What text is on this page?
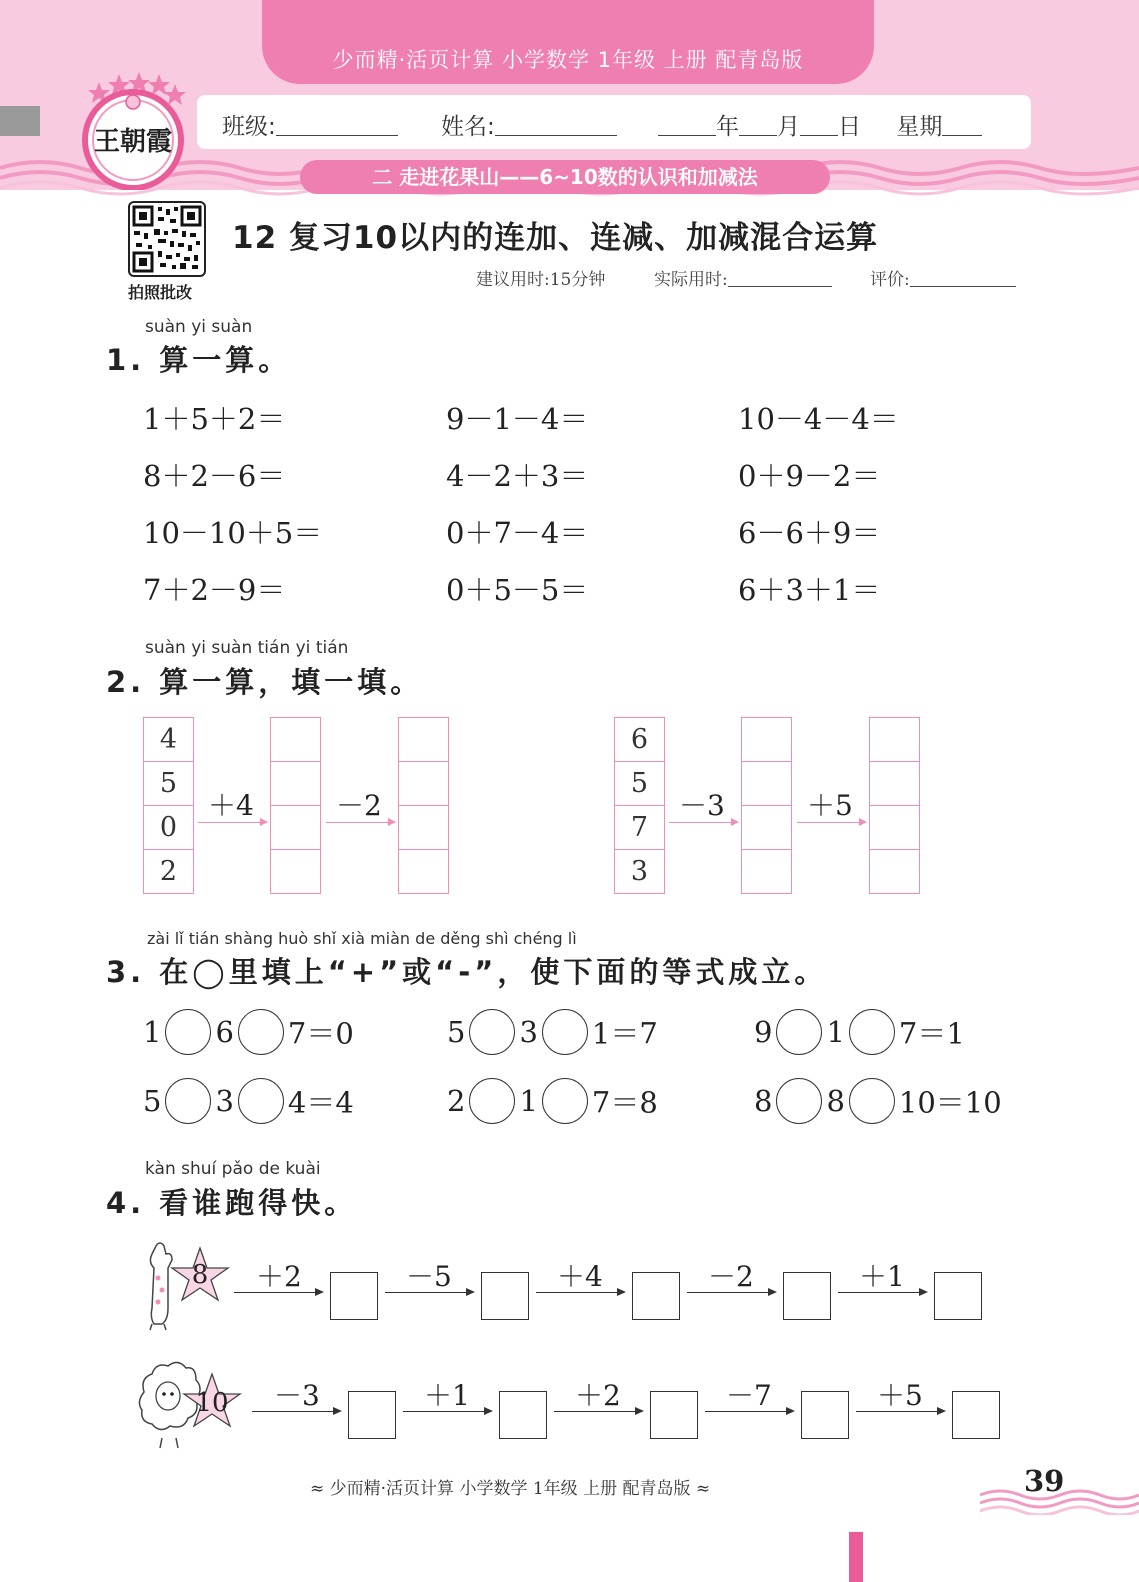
少而精·活页计算 小学数学 1年级 上册 配青岛版
班级:	姓名:	年 月 日 星期
二 走进花果山——6~10数的认识和加减法
王朝霞
拍照批改
12 复习10以内的连加、连减、加减混合运算
建议用时:15分钟	实际用时:	评价:
suàn yi suàn
1. 算一算。
1＋5＋2＝	9－1－4＝	10－4－4＝
8＋2－6＝	4－2＋3＝	0＋9－2＝
10－10＋5＝	0＋7－4＝	6－6＋9＝
7＋2－9＝	0＋5－5＝	6＋3＋1＝
suàn yi suàn tián yi tián
2. 算一算，填一填。
4
5
0
2
＋4	－2

6
5
7
3
－3	＋5

zài lǐ tián shàng huò shǐ xià miàn de děng shì chéng lì
3. 在◯里填上“+”或“-”，使下面的等式成立。
1 6 7＝0	5 3 1＝7	9 1 7＝1
5 3 4＝4	2 1 7＝8	8 8 10＝10
kàn shuí pǎo de kuài
4. 看谁跑得快。
8 ＋2	－5	＋4	－2	＋1
10 －3	＋1	＋2	－7	＋5
≈ 少而精·活页计算 小学数学 1年级 上册 配青岛版 ≈	39
